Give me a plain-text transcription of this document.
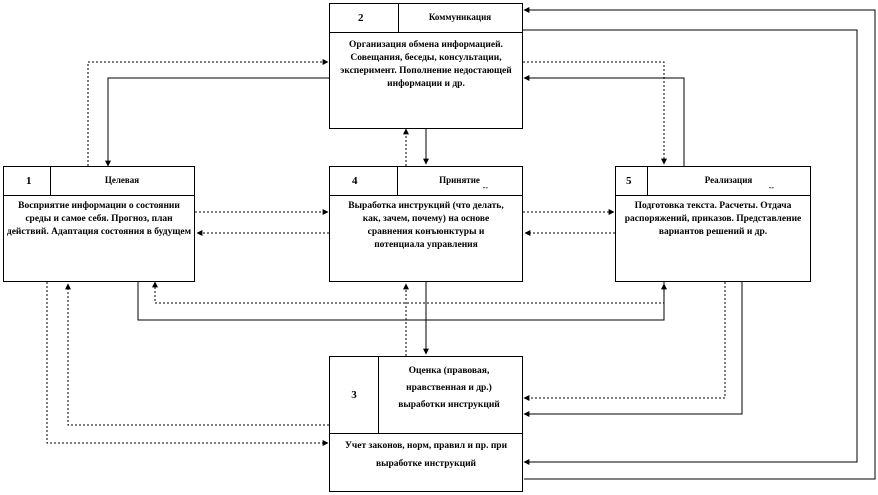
2	Коммуникация
Организация обмена информацией. Совещания, беседы, консультации, эксперимент. Пополнение недостающей информации и др.
1	Целевая
Восприятие информации о состоянии среды и самое себя. Прогноз, план действий. Адаптация состояния в будущем
4	Принятие
--
Выработка инструкций (что делать, как, зачем, почему) на основе сравнения конъюнктуры и потенциала управления
5	Реализация
--
Подготовка текста. Расчеты. Отдача распоряжений, приказов. Представление вариантов решений и др.
3
Оценка (правовая, нравственная и др.) выработки инструкций
Учет законов, норм, правил и пр. при выработке инструкций
